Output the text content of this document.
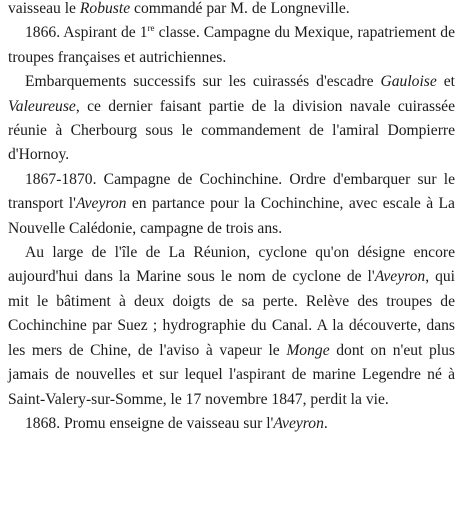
vaisseau le Robuste commandé par M. de Longneville.

1866. Aspirant de 1re classe. Campagne du Mexique, rapatriement de troupes françaises et autrichiennes.

Embarquements successifs sur les cuirassés d'escadre Gauloise et Valeureuse, ce dernier faisant partie de la division navale cuirassée réunie à Cherbourg sous le commandement de l'amiral Dompierre d'Hornoy.

1867-1870. Campagne de Cochinchine. Ordre d'embarquer sur le transport l'Aveyron en partance pour la Cochinchine, avec escale à La Nouvelle Calédonie, campagne de trois ans.

Au large de l'île de La Réunion, cyclone qu'on désigne encore aujourd'hui dans la Marine sous le nom de cyclone de l'Aveyron, qui mit le bâtiment à deux doigts de sa perte. Relève des troupes de Cochinchine par Suez ; hydrographie du Canal. A la découverte, dans les mers de Chine, de l'aviso à vapeur le Monge dont on n'eut plus jamais de nouvelles et sur lequel l'aspirant de marine Legendre né à Saint-Valery-sur-Somme, le 17 novembre 1847, perdit la vie.

1868. Promu enseigne de vaisseau sur l'Aveyron.
